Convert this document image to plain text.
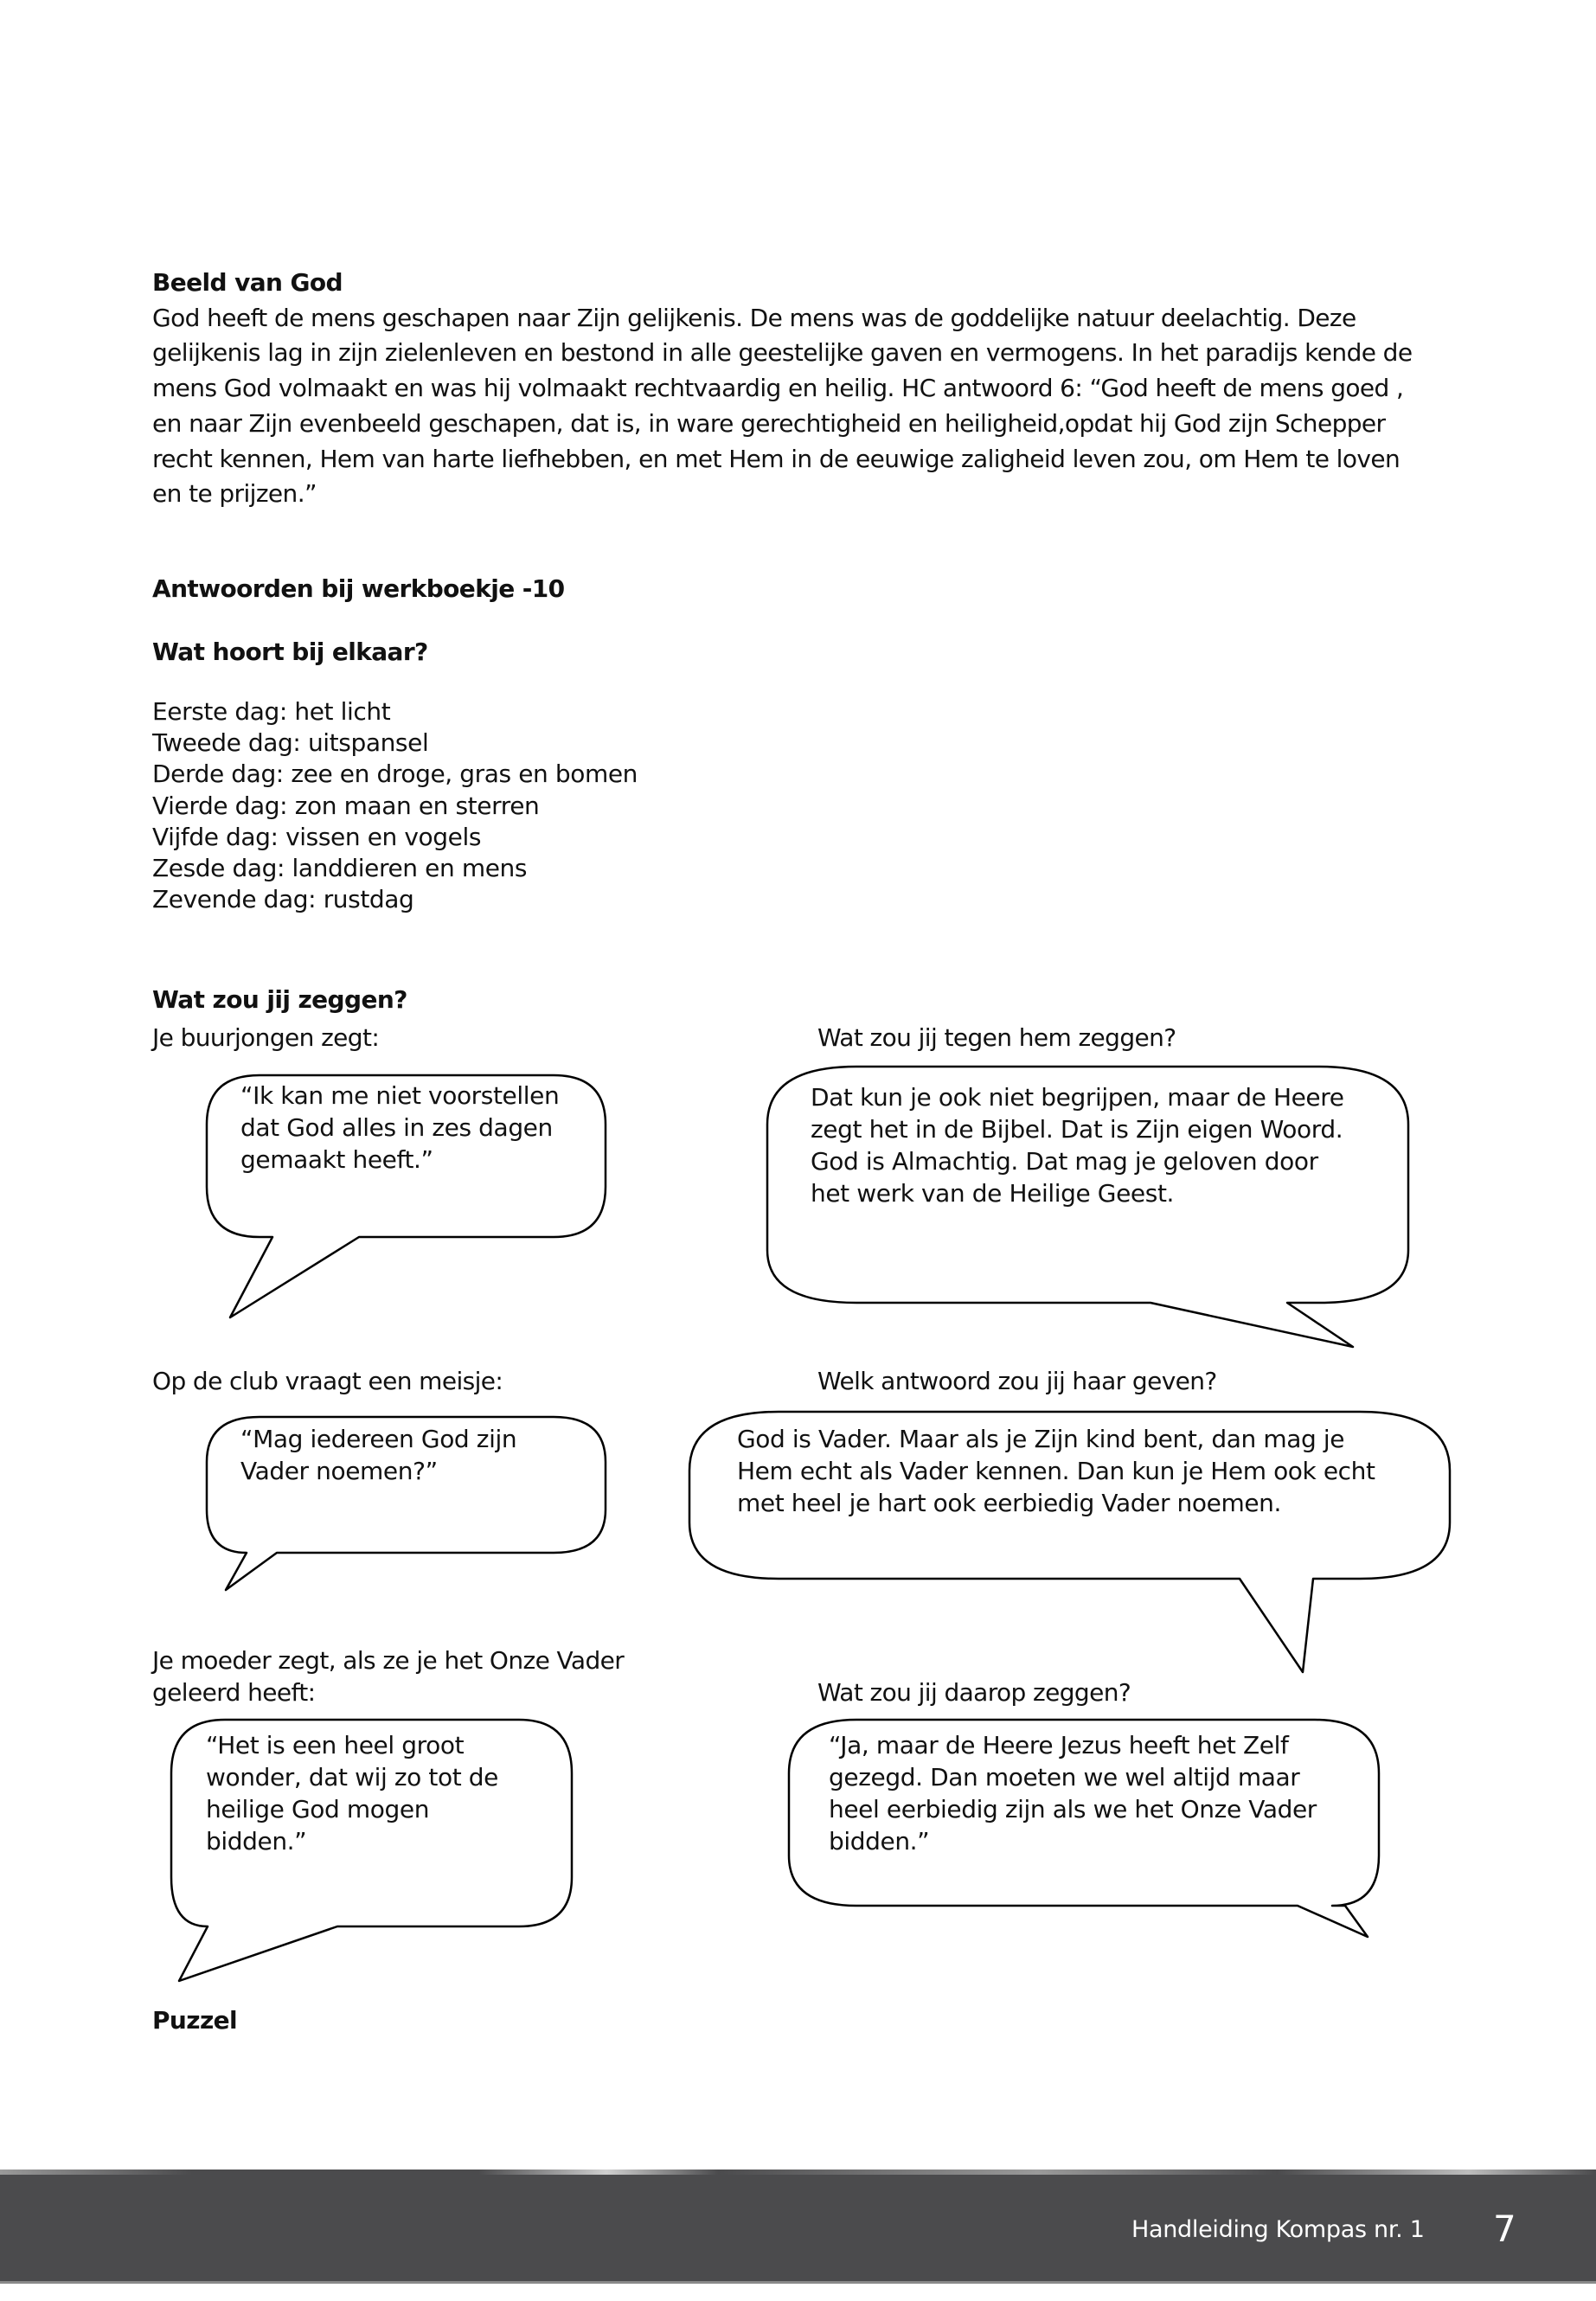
Beeld van God
God heeft de mens geschapen naar Zijn gelijkenis. De mens was de goddelijke natuur deelachtig. Deze gelijkenis lag in zijn zielenleven en bestond in alle geestelijke gaven en vermogens. In het paradijs kende de mens God volmaakt en was hij volmaakt rechtvaardig en heilig. HC antwoord 6: “God heeft de mens goed , en naar Zijn evenbeeld geschapen, dat is, in ware gerechtigheid en heiligheid,opdat hij God zijn Schepper recht kennen, Hem van harte liefhebben, en met Hem in de eeuwige zaligheid leven zou, om Hem te loven en te prijzen.”
Antwoorden bij werkboekje -10
Wat hoort bij elkaar?
Eerste dag: het licht
Tweede dag: uitspansel
Derde dag: zee en droge, gras en bomen
Vierde dag: zon maan en sterren
Vijfde dag: vissen en vogels
Zesde dag: landdieren en mens
Zevende dag: rustdag
Wat zou jij zeggen?
Je buurjongen zegt:	Wat zou jij tegen hem zeggen?
Op de club vraagt een meisje:	Welk antwoord zou jij haar geven?
Je moeder zegt, als ze je het Onze Vader
geleerd heeft:	Wat zou jij daarop zeggen?
“Ik kan me niet voorstellen
dat God alles in zes dagen
gemaakt heeft.”
Dat kun je ook niet begrijpen, maar de Heere
zegt het in de Bijbel. Dat is Zijn eigen Woord.
God is Almachtig. Dat mag je geloven door
het werk van de Heilige Geest.
“Mag iedereen God zijn
Vader noemen?”
God is Vader. Maar als je Zijn kind bent, dan mag je
Hem echt als Vader kennen. Dan kun je Hem ook echt
met heel je hart ook eerbiedig Vader noemen.
“Het is een heel groot
wonder, dat wij zo tot de
heilige God mogen
bidden.”
“Ja, maar de Heere Jezus heeft het Zelf
gezegd. Dan moeten we wel altijd maar
heel eerbiedig zijn als we het Onze Vader
bidden.”
Puzzel
Handleiding Kompas nr. 1 7
